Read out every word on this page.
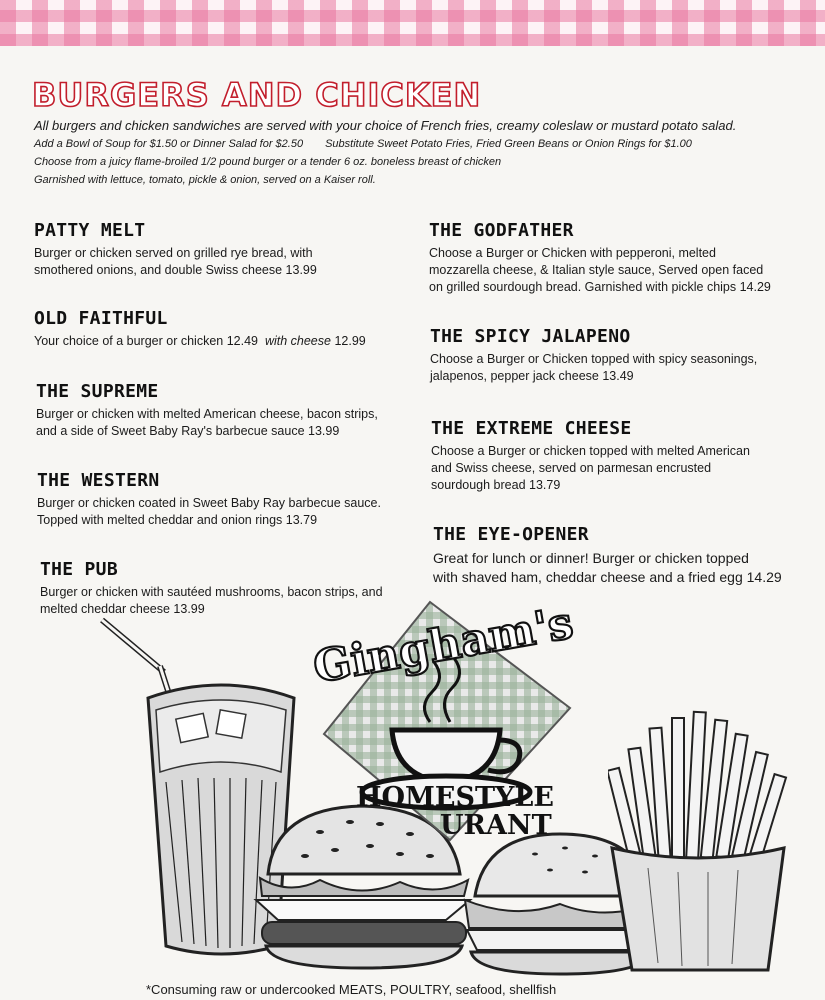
BURGERS AND CHICKEN
All burgers and chicken sandwiches are served with your choice of French fries, creamy coleslaw or mustard potato salad.
Add a Bowl of Soup for $1.50 or Dinner Salad for $2.50 Substitute Sweet Potato Fries, Fried Green Beans or Onion Rings for $1.00
Choose from a juicy flame-broiled 1/2 pound burger or a tender 6 oz. boneless breast of chicken
Garnished with lettuce, tomato, pickle & onion, served on a Kaiser roll.
PATTY MELT

Burger or chicken served on grilled rye bread, with

smothered onions, and double Swiss cheese 13.99

OLD FAITHFUL

Your choice of a burger or chicken 12.49 with cheese 12.99

THE SUPREME

Burger or chicken with melted American cheese, bacon strips,

and a side of Sweet Baby Ray's barbecue sauce 13.99

THE WESTERN

Burger or chicken coated in Sweet Baby Ray barbecue sauce.

Topped with melted cheddar and onion rings 13.79

THE PUB

Burger or chicken with sautéed mushrooms, bacon strips, and

melted cheddar cheese 13.99

THE GODFATHER

Choose a Burger or Chicken with pepperoni, melted

mozzarella cheese, & Italian style sauce, Served open faced

on grilled sourdough bread. Garnished with pickle chips 14.29

THE SPICY JALAPENO

Choose a Burger or Chicken topped with spicy seasonings,

jalapenos, pepper jack cheese 13.49

THE EXTREME CHEESE

Choose a Burger or chicken topped with melted American

and Swiss cheese, served on parmesan encrusted

sourdough bread 13.79

THE EYE-OPENER

Great for lunch or dinner! Burger or chicken topped

with shaved ham, cheddar cheese and a fried egg 14.29

Gingham's
HOMESTYLE
URANT
*Consuming raw or undercooked MEATS, POULTRY, seafood, shellfish
